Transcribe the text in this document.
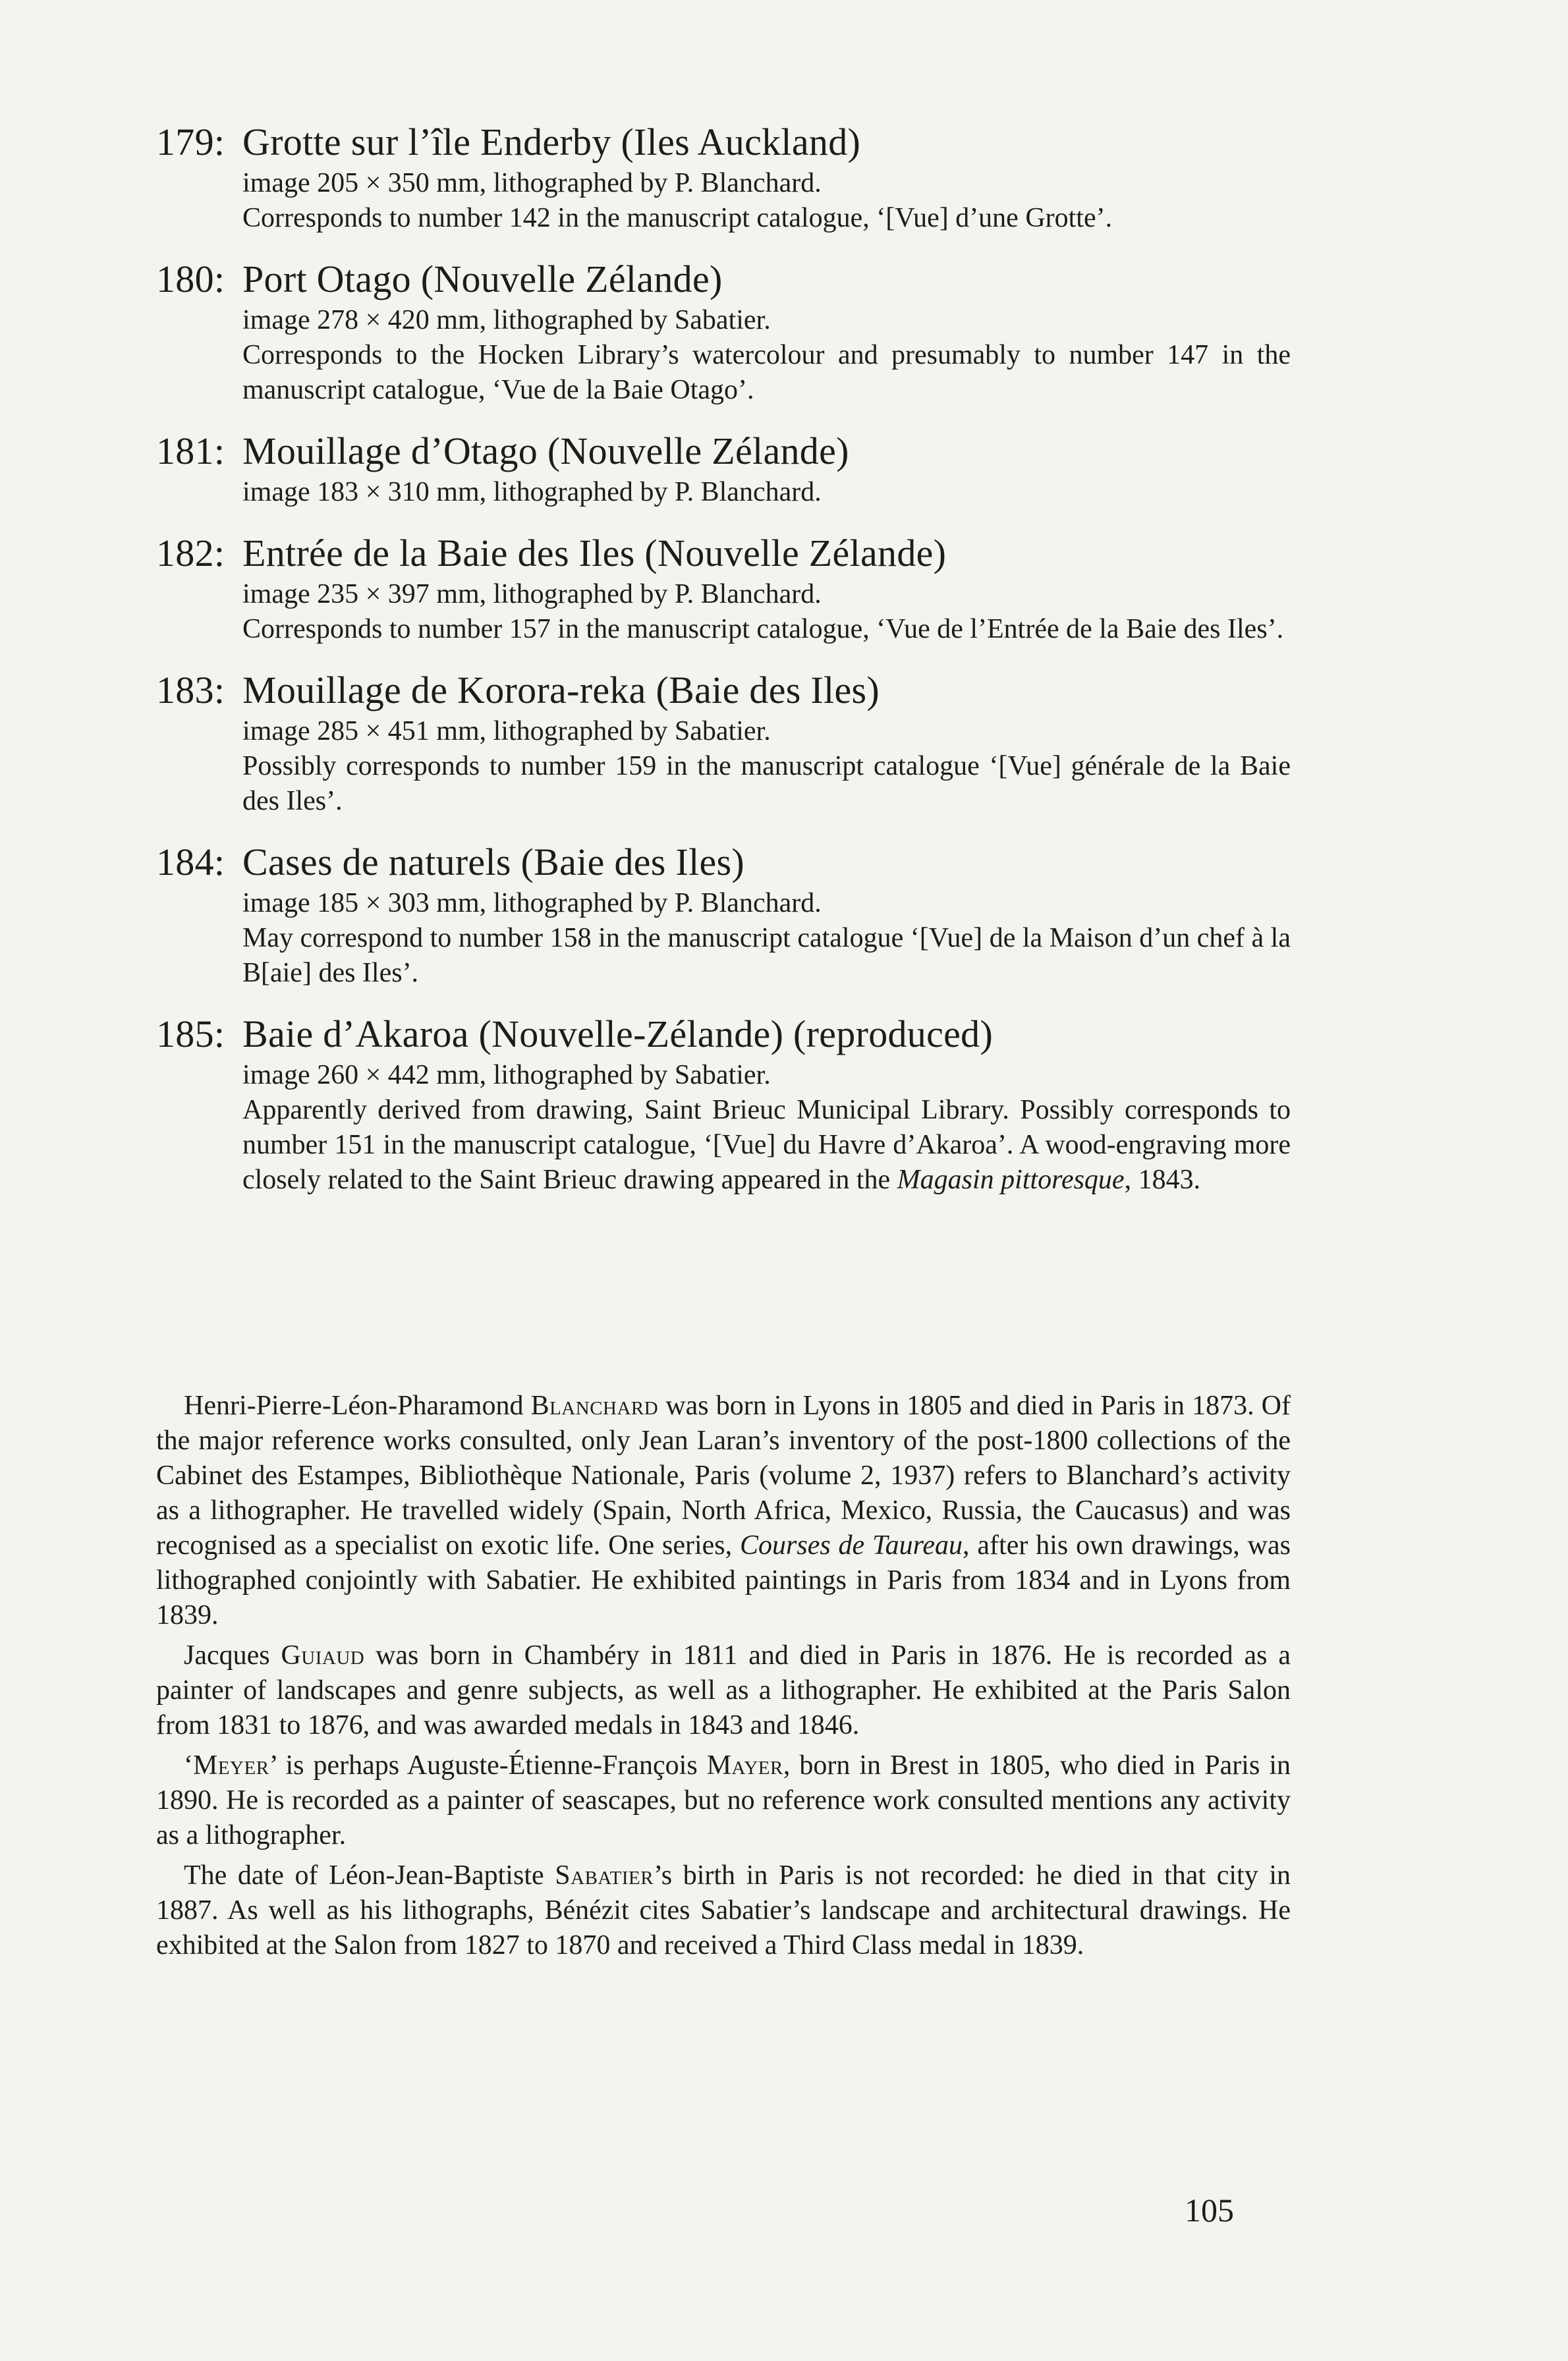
179: Grotte sur l’île Enderby (Iles Auckland)

image 205 × 350 mm, lithographed by P. Blanchard.

Corresponds to number 142 in the manuscript catalogue, ‘[Vue] d’une Grotte’.

180: Port Otago (Nouvelle Zélande)

image 278 × 420 mm, lithographed by Sabatier.

Corresponds to the Hocken Library’s watercolour and presumably to number 147 in the manuscript catalogue, ‘Vue de la Baie Otago’.

181: Mouillage d’Otago (Nouvelle Zélande)

image 183 × 310 mm, lithographed by P. Blanchard.

182: Entrée de la Baie des Iles (Nouvelle Zélande)

image 235 × 397 mm, lithographed by P. Blanchard.

Corresponds to number 157 in the manuscript catalogue, ‘Vue de l’Entrée de la Baie des Iles’.

183: Mouillage de Korora-reka (Baie des Iles)

image 285 × 451 mm, lithographed by Sabatier.

Possibly corresponds to number 159 in the manuscript catalogue ‘[Vue] générale de la Baie des Iles’.

184: Cases de naturels (Baie des Iles)

image 185 × 303 mm, lithographed by P. Blanchard.

May correspond to number 158 in the manuscript catalogue ‘[Vue] de la Maison d’un chef à la B[aie] des Iles’.

185: Baie d’Akaroa (Nouvelle-Zélande) (reproduced)

image 260 × 442 mm, lithographed by Sabatier.

Apparently derived from drawing, Saint Brieuc Municipal Library. Possibly corresponds to number 151 in the manuscript catalogue, ‘[Vue] du Havre d’Akaroa’. A wood-engraving more closely related to the Saint Brieuc drawing appeared in the Magasin pittoresque, 1843.

Henri-Pierre-Léon-Pharamond Blanchard was born in Lyons in 1805 and died in Paris in 1873. Of the major reference works consulted, only Jean Laran’s inventory of the post-1800 collections of the Cabinet des Estampes, Bibliothèque Nationale, Paris (volume 2, 1937) refers to Blanchard’s activity as a lithographer. He travelled widely (Spain, North Africa, Mexico, Russia, the Caucasus) and was recognised as a specialist on exotic life. One series, Courses de Taureau, after his own drawings, was lithographed conjointly with Sabatier. He exhibited paintings in Paris from 1834 and in Lyons from 1839.

Jacques Guiaud was born in Chambéry in 1811 and died in Paris in 1876. He is recorded as a painter of landscapes and genre subjects, as well as a lithographer. He exhibited at the Paris Salon from 1831 to 1876, and was awarded medals in 1843 and 1846.

‘Meyer’ is perhaps Auguste-Étienne-François Mayer, born in Brest in 1805, who died in Paris in 1890. He is recorded as a painter of seascapes, but no reference work consulted mentions any activity as a lithographer.

The date of Léon-Jean-Baptiste Sabatier’s birth in Paris is not recorded: he died in that city in 1887. As well as his lithographs, Bénézit cites Sabatier’s landscape and architectural drawings. He exhibited at the Salon from 1827 to 1870 and received a Third Class medal in 1839.

105
